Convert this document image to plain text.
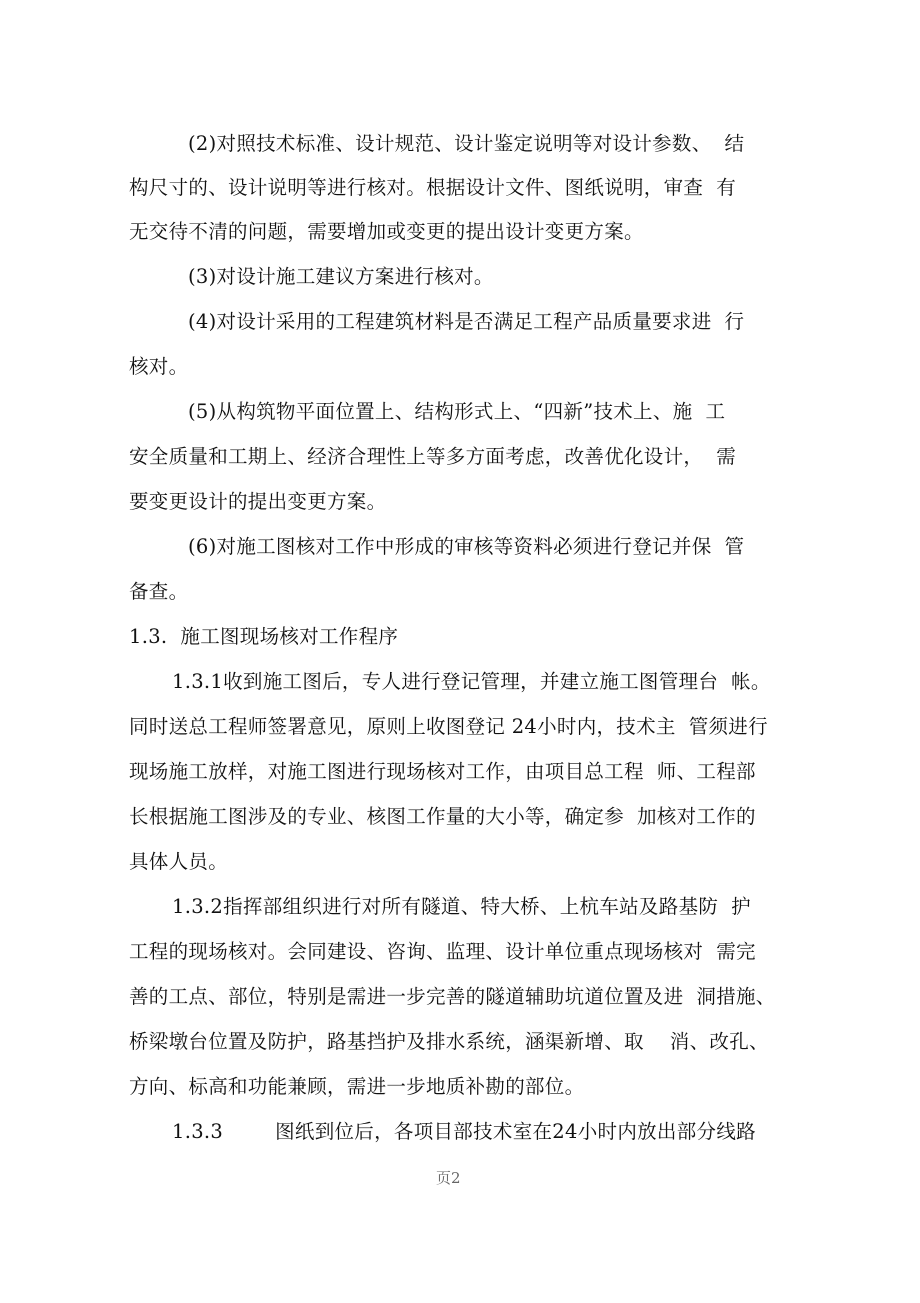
(2)对照技术标准、设计规范、设计鉴定说明等对设计参数、  结
构尺寸的、设计说明等进行核对。根据设计文件、图纸说明，审查  有
无交待不清的问题，需要增加或变更的提出设计变更方案。
(3)对设计施工建议方案进行核对。
(4)对设计采用的工程建筑材料是否满足工程产品质量要求进  行
核对。
(5)从构筑物平面位置上、结构形式上、“四新”技术上、施  工
安全质量和工期上、经济合理性上等多方面考虑，改善优化设计，  需
要变更设计的提出变更方案。
(6)对施工图核对工作中形成的审核等资料必须进行登记并保  管
备查。
1.3.  施工图现场核对工作程序
1.3.1收到施工图后，专人进行登记管理，并建立施工图管理台  帐。
同时送总工程师签署意见，原则上收图登记 24小时内，技术主  管须进行
现场施工放样，对施工图进行现场核对工作，由项目总工程  师、工程部
长根据施工图涉及的专业、核图工作量的大小等，确定参  加核对工作的
具体人员。
1.3.2指挥部组织进行对所有隧道、特大桥、上杭车站及路基防  护
工程的现场核对。会同建设、咨询、监理、设计单位重点现场核对  需完
善的工点、部位，特别是需进一步完善的隧道辅助坑道位置及进  洞措施、
桥梁墩台位置及防护，路基挡护及排水系统，涵渠新增、取    消、改孔、
方向、标高和功能兼顾，需进一步地质补勘的部位。
1.3.3        图纸到位后，各项目部技术室在24小时内放出部分线路
页2
